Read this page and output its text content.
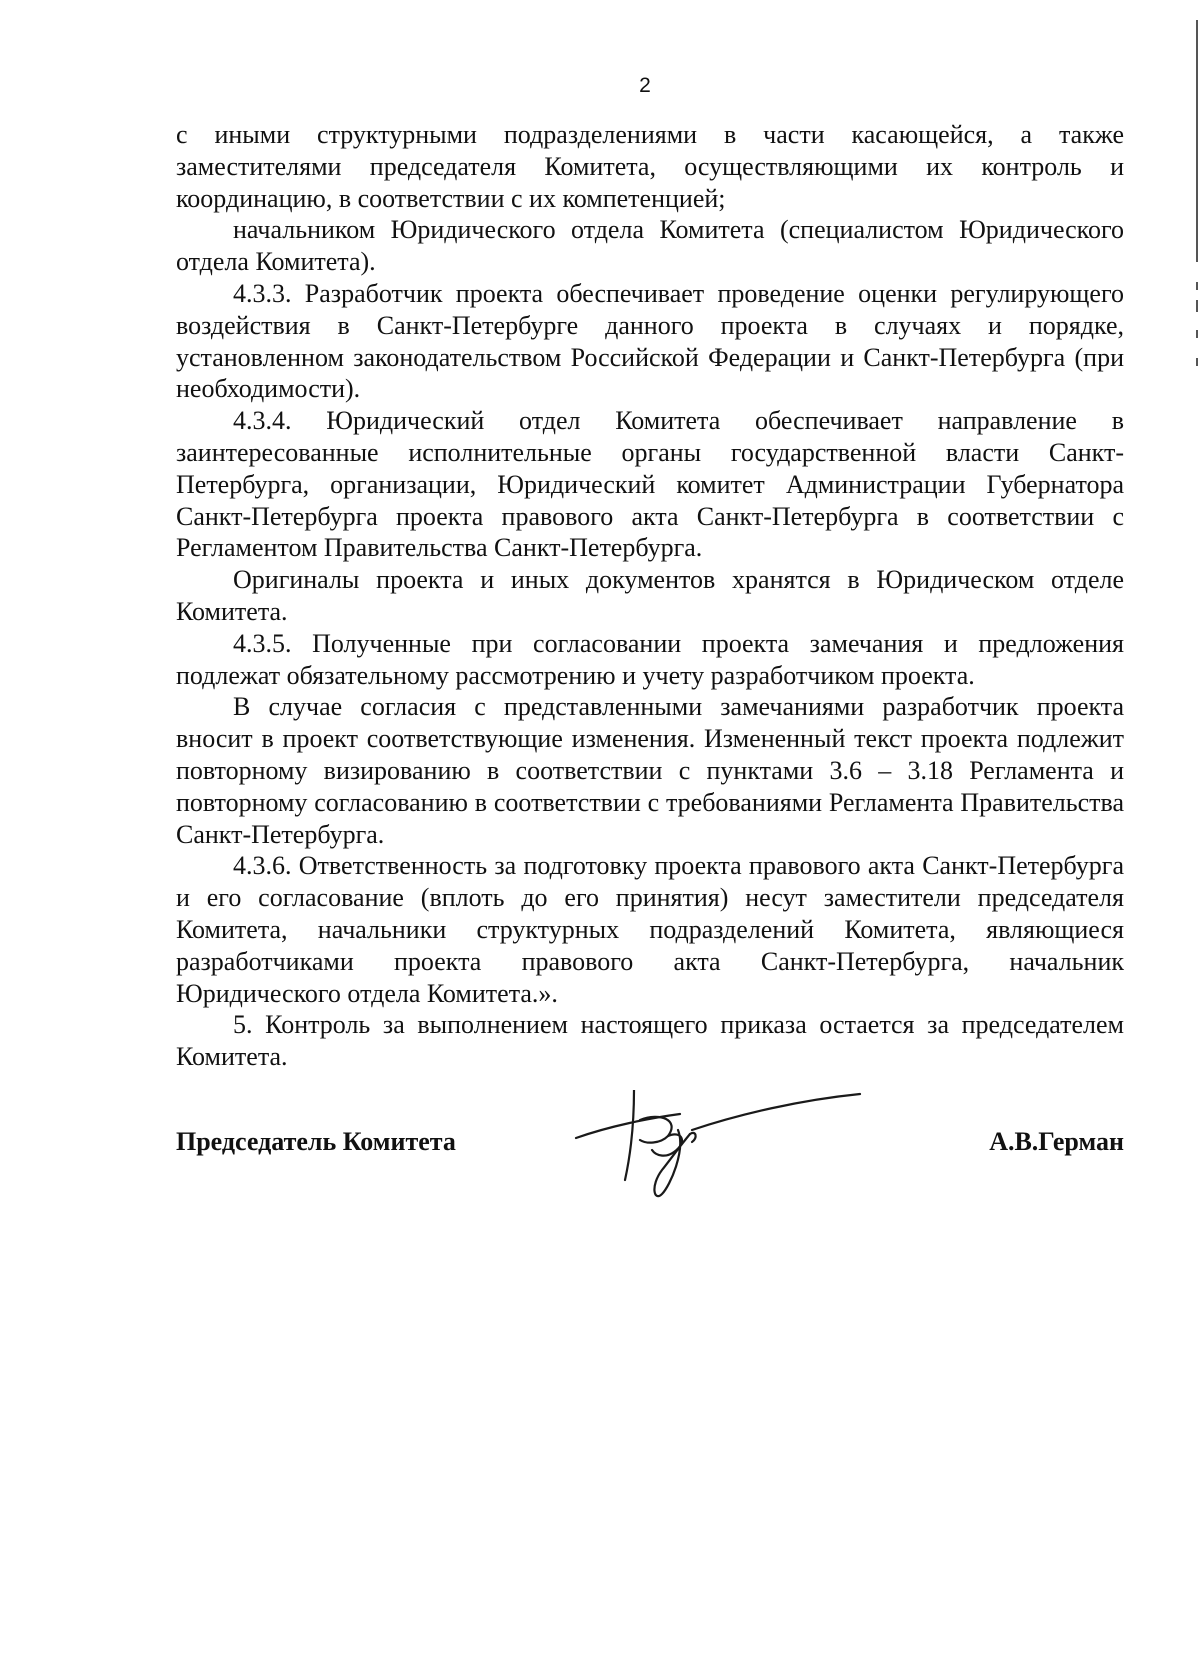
2

с иными структурными подразделениями в части касающейся, а также заместителями председателя Комитета, осуществляющими их контроль и координацию, в соответствии с их компетенцией;

начальником Юридического отдела Комитета (специалистом Юридического отдела Комитета).

4.3.3. Разработчик проекта обеспечивает проведение оценки регулирующего воздействия в Санкт-Петербурге данного проекта в случаях и порядке, установленном законодательством Российской Федерации и Санкт-Петербурга (при необходимости).

4.3.4. Юридический отдел Комитета обеспечивает направление в заинтересованные исполнительные органы государственной власти Санкт-Петербурга, организации, Юридический комитет Администрации Губернатора Санкт-Петербурга проекта правового акта Санкт-Петербурга в соответствии с Регламентом Правительства Санкт-Петербурга.

Оригиналы проекта и иных документов хранятся в Юридическом отделе Комитета.

4.3.5. Полученные при согласовании проекта замечания и предложения подлежат обязательному рассмотрению и учету разработчиком проекта.

В случае согласия с представленными замечаниями разработчик проекта вносит в проект соответствующие изменения. Измененный текст проекта подлежит повторному визированию в соответствии с пунктами 3.6 – 3.18 Регламента и повторному согласованию в соответствии с требованиями Регламента Правительства Санкт-Петербурга.

4.3.6. Ответственность за подготовку проекта правового акта Санкт-Петербурга и его согласование (вплоть до его принятия) несут заместители председателя Комитета, начальники структурных подразделений Комитета, являющиеся разработчиками проекта правового акта Санкт-Петербурга, начальник Юридического отдела Комитета.».

5. Контроль за выполнением настоящего приказа остается за председателем Комитета.

Председатель Комитета	А.В.Герман
